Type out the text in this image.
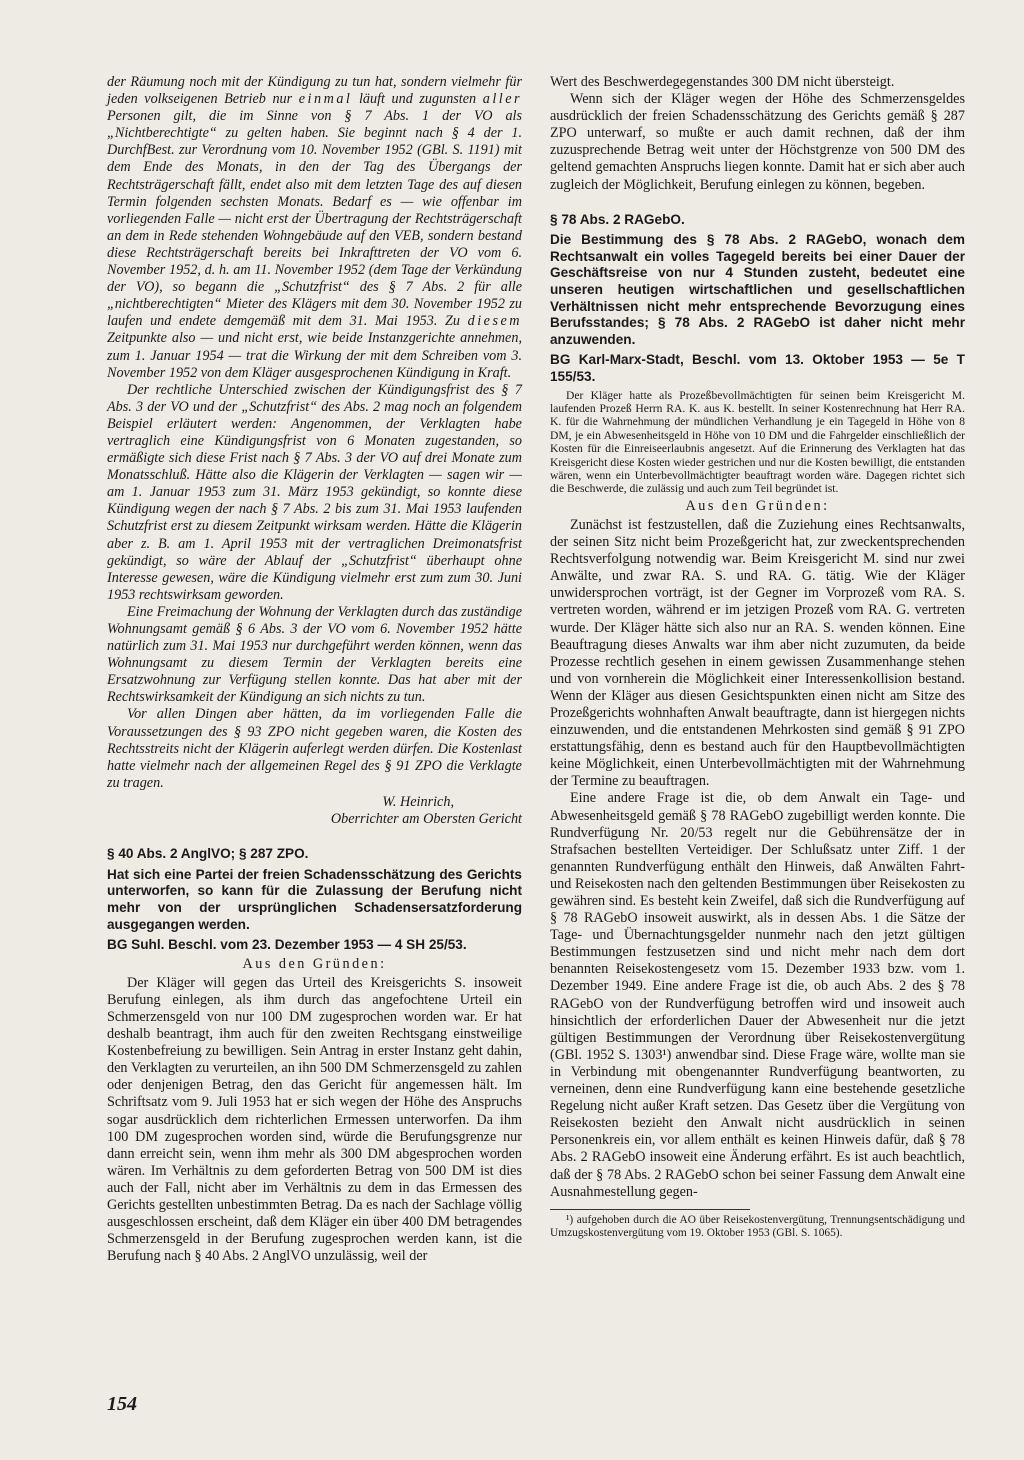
der Räumung noch mit der Kündigung zu tun hat, sondern vielmehr für jeden volkseigenen Betrieb nur einmal läuft und zugunsten aller Personen gilt, die im Sinne von § 7 Abs. 1 der VO als „Nichtberechtigte“ zu gelten haben. Sie beginnt nach § 4 der 1. DurchfBest. zur Verordnung vom 10. November 1952 (GBl. S. 1191) mit dem Ende des Monats, in den der Tag des Übergangs der Rechtsträgerschaft fällt, endet also mit dem letzten Tage des auf diesen Termin folgenden sechsten Monats. Bedarf es — wie offenbar im vorliegenden Falle — nicht erst der Übertragung der Rechtsträgerschaft an dem in Rede stehenden Wohngebäude auf den VEB, sondern bestand diese Rechtsträgerschaft bereits bei Inkrafttreten der VO vom 6. November 1952, d. h. am 11. November 1952 (dem Tage der Verkündung der VO), so begann die „Schutzfrist“ des § 7 Abs. 2 für alle „nichtberechtigten“ Mieter des Klägers mit dem 30. November 1952 zu laufen und endete demgemäß mit dem 31. Mai 1953. Zu diesem Zeitpunkte also — und nicht erst, wie beide Instanzgerichte annehmen, zum 1. Januar 1954 — trat die Wirkung der mit dem Schreiben vom 3. November 1952 von dem Kläger ausgesprochenen Kündigung in Kraft.

Der rechtliche Unterschied zwischen der Kündigungsfrist des § 7 Abs. 3 der VO und der „Schutzfrist“ des Abs. 2 mag noch an folgendem Beispiel erläutert werden: Angenommen, der Verklagten habe vertraglich eine Kündigungsfrist von 6 Monaten zugestanden, so ermäßigte sich diese Frist nach § 7 Abs. 3 der VO auf drei Monate zum Monatsschluß. Hätte also die Klägerin der Verklagten — sagen wir — am 1. Januar 1953 zum 31. März 1953 gekündigt, so konnte diese Kündigung wegen der nach § 7 Abs. 2 bis zum 31. Mai 1953 laufenden Schutzfrist erst zu diesem Zeitpunkt wirksam werden. Hätte die Klägerin aber z. B. am 1. April 1953 mit der vertraglichen Dreimonatsfrist gekündigt, so wäre der Ablauf der „Schutzfrist“ überhaupt ohne Interesse gewesen, wäre die Kündigung vielmehr erst zum zum 30. Juni 1953 rechtswirksam geworden.

Eine Freimachung der Wohnung der Verklagten durch das zuständige Wohnungsamt gemäß § 6 Abs. 3 der VO vom 6. November 1952 hätte natürlich zum 31. Mai 1953 nur durchgeführt werden können, wenn das Wohnungsamt zu diesem Termin der Verklagten bereits eine Ersatzwohnung zur Verfügung stellen konnte. Das hat aber mit der Rechtswirksamkeit der Kündigung an sich nichts zu tun.

Vor allen Dingen aber hätten, da im vorliegenden Falle die Voraussetzungen des § 93 ZPO nicht gegeben waren, die Kosten des Rechtsstreits nicht der Klägerin auferlegt werden dürfen. Die Kostenlast hatte vielmehr nach der allgemeinen Regel des § 91 ZPO die Verklagte zu tragen.

W. Heinrich,
Oberrichter am Obersten Gericht
§ 40 Abs. 2 AnglVO; § 287 ZPO.
Hat sich eine Partei der freien Schadensschätzung des Gerichts unterworfen, so kann für die Zulassung der Berufung nicht mehr von der ursprünglichen Schadensersatzforderung ausgegangen werden.
BG Suhl. Beschl. vom 23. Dezember 1953 — 4 SH 25/53.
Aus den Gründen:

Der Kläger will gegen das Urteil des Kreisgerichts S. insoweit Berufung einlegen, als ihm durch das angefochtene Urteil ein Schmerzensgeld von nur 100 DM zugesprochen worden war. Er hat deshalb beantragt, ihm auch für den zweiten Rechtsgang einstweilige Kostenbefreiung zu bewilligen. Sein Antrag in erster Instanz geht dahin, den Verklagten zu verurteilen, an ihn 500 DM Schmerzensgeld zu zahlen oder denjenigen Betrag, den das Gericht für angemessen hält. Im Schriftsatz vom 9. Juli 1953 hat er sich wegen der Höhe des Anspruchs sogar ausdrücklich dem richterlichen Ermessen unterworfen. Da ihm 100 DM zugesprochen worden sind, würde die Berufungsgrenze nur dann erreicht sein, wenn ihm mehr als 300 DM abgesprochen worden wären. Im Verhältnis zu dem geforderten Betrag von 500 DM ist dies auch der Fall, nicht aber im Verhältnis zu dem in das Ermessen des Gerichts gestellten unbestimmten Betrag. Da es nach der Sachlage völlig ausgeschlossen erscheint, daß dem Kläger ein über 400 DM betragendes Schmerzensgeld in der Berufung zugesprochen werden kann, ist die Berufung nach § 40 Abs. 2 AnglVO unzulässig, weil der

Wert des Beschwerdegegenstandes 300 DM nicht übersteigt.

Wenn sich der Kläger wegen der Höhe des Schmerzensgeldes ausdrücklich der freien Schadensschätzung des Gerichts gemäß § 287 ZPO unterwarf, so mußte er auch damit rechnen, daß der ihm zuzusprechende Betrag weit unter der Höchstgrenze von 500 DM des geltend gemachten Anspruchs liegen konnte. Damit hat er sich aber auch zugleich der Möglichkeit, Berufung einlegen zu können, begeben.

§ 78 Abs. 2 RAGebO.
Die Bestimmung des § 78 Abs. 2 RAGebO, wonach dem Rechtsanwalt ein volles Tagegeld bereits bei einer Dauer der Geschäftsreise von nur 4 Stunden zusteht, bedeutet eine unseren heutigen wirtschaftlichen und gesellschaftlichen Verhältnissen nicht mehr entsprechende Bevorzugung eines Berufsstandes; § 78 Abs. 2 RAGebO ist daher nicht mehr anzuwenden.
BG Karl-Marx-Stadt, Beschl. vom 13. Oktober 1953 — 5e T 155/53.

Der Kläger hatte als Prozeßbevollmächtigten für seinen beim Kreisgericht M. laufenden Prozeß Herrn RA. K. aus K. bestellt. In seiner Kostenrechnung hat Herr RA. K. für die Wahrnehmung der mündlichen Verhandlung je ein Tagegeld in Höhe von 8 DM, je ein Abwesenheitsgeld in Höhe von 10 DM und die Fahrgelder einschließlich der Kosten für die Einreiseerlaubnis angesetzt. Auf die Erinnerung des Verklagten hat das Kreisgericht diese Kosten wieder gestrichen und nur die Kosten bewilligt, die entstanden wären, wenn ein Unterbevollmächtigter beauftragt worden wäre. Dagegen richtet sich die Beschwerde, die zulässig und auch zum Teil begründet ist.

Aus den Gründen:

Zunächst ist festzustellen, daß die Zuziehung eines Rechtsanwalts, der seinen Sitz nicht beim Prozeßgericht hat, zur zweckentsprechenden Rechtsverfolgung notwendig war. Beim Kreisgericht M. sind nur zwei Anwälte, und zwar RA. S. und RA. G. tätig. Wie der Kläger unwidersprochen vorträgt, ist der Gegner im Vorprozeß vom RA. S. vertreten worden, während er im jetzigen Prozeß vom RA. G. vertreten wurde. Der Kläger hätte sich also nur an RA. S. wenden können. Eine Beauftragung dieses Anwalts war ihm aber nicht zuzumuten, da beide Prozesse rechtlich gesehen in einem gewissen Zusammenhange stehen und von vornherein die Möglichkeit einer Interessenkollision bestand. Wenn der Kläger aus diesen Gesichtspunkten einen nicht am Sitze des Prozeßgerichts wohnhaften Anwalt beauftragte, dann ist hiergegen nichts einzuwenden, und die entstandenen Mehrkosten sind gemäß § 91 ZPO erstattungsfähig, denn es bestand auch für den Hauptbevollmächtigten keine Möglichkeit, einen Unterbevollmächtigten mit der Wahrnehmung der Termine zu beauftragen.

Eine andere Frage ist die, ob dem Anwalt ein Tage- und Abwesenheitsgeld gemäß § 78 RAGebO zugebilligt werden konnte. Die Rundverfügung Nr. 20/53 regelt nur die Gebührensätze der in Strafsachen bestellten Verteidiger. Der Schlußsatz unter Ziff. 1 der genannten Rundverfügung enthält den Hinweis, daß Anwälten Fahrt- und Reisekosten nach den geltenden Bestimmungen über Reisekosten zu gewähren sind. Es besteht kein Zweifel, daß sich die Rundverfügung auf § 78 RAGebO insoweit auswirkt, als in dessen Abs. 1 die Sätze der Tage- und Übernachtungsgelder nunmehr nach den jetzt gültigen Bestimmungen festzusetzen sind und nicht mehr nach dem dort benannten Reisekostengesetz vom 15. Dezember 1933 bzw. vom 1. Dezember 1949. Eine andere Frage ist die, ob auch Abs. 2 des § 78 RAGebO von der Rundverfügung betroffen wird und insoweit auch hinsichtlich der erforderlichen Dauer der Abwesenheit nur die jetzt gültigen Bestimmungen der Verordnung über Reisekostenvergütung (GBl. 1952 S. 1303¹) anwendbar sind. Diese Frage wäre, wollte man sie in Verbindung mit obengenannter Rundverfügung beantworten, zu verneinen, denn eine Rundverfügung kann eine bestehende gesetzliche Regelung nicht außer Kraft setzen. Das Gesetz über die Vergütung von Reisekosten bezieht den Anwalt nicht ausdrücklich in seinen Personenkreis ein, vor allem enthält es keinen Hinweis dafür, daß § 78 Abs. 2 RAGebO insoweit eine Änderung erfährt. Es ist auch beachtlich, daß der § 78 Abs. 2 RAGebO schon bei seiner Fassung dem Anwalt eine Ausnahmestellung gegen-

¹) aufgehoben durch die AO über Reisekostenvergütung, Trennungsentschädigung und Umzugskostenvergütung vom 19. Oktober 1953 (GBl. S. 1065).

154
